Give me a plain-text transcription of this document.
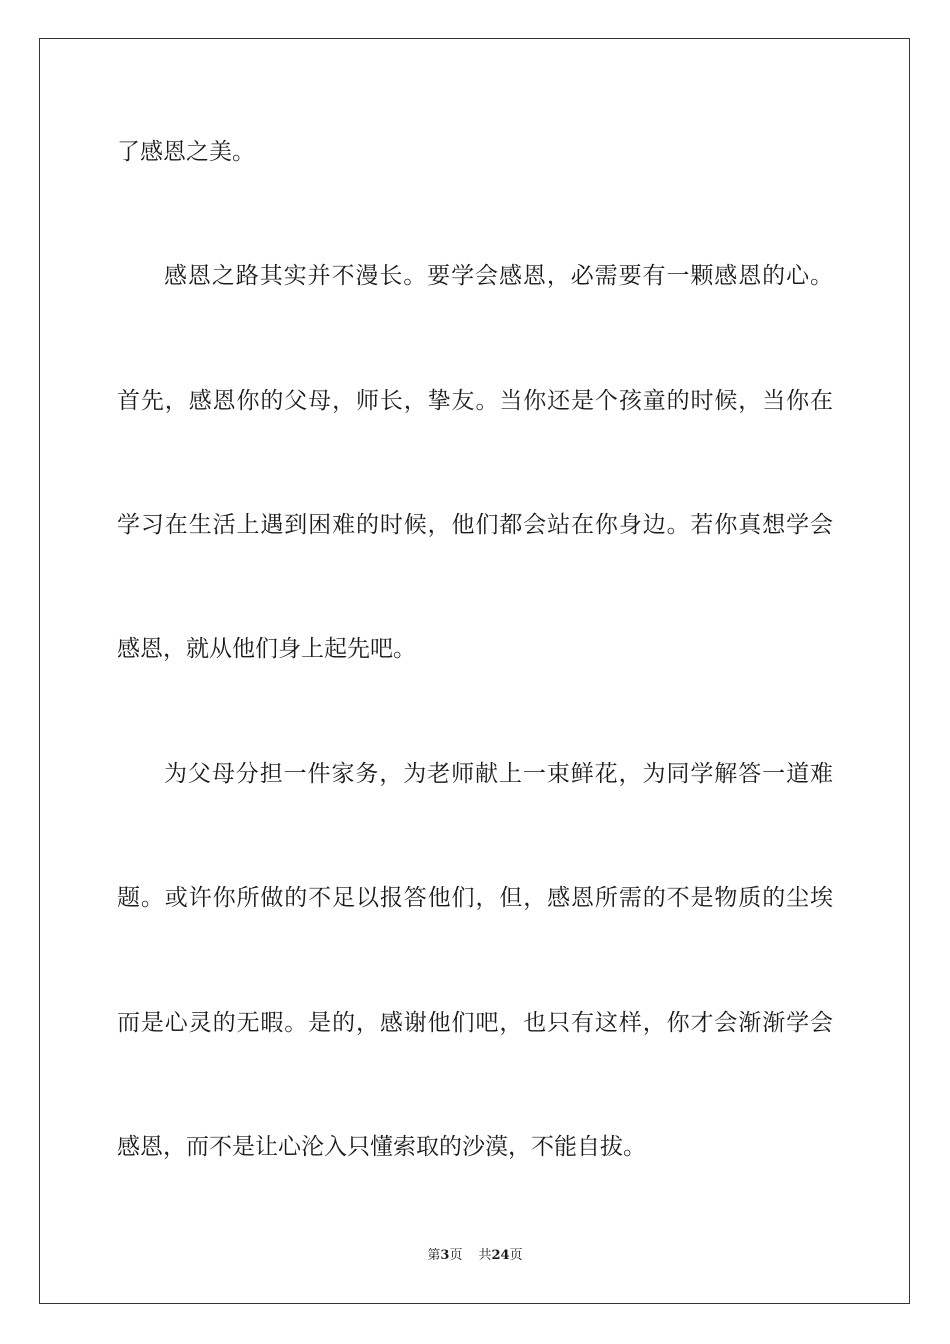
了感恩之美。
感恩之路其实并不漫长。要学会感恩，必需要有一颗感恩的心。
首先，感恩你的父母，师长，挚友。当你还是个孩童的时候，当你在
学习在生活上遇到困难的时候，他们都会站在你身边。若你真想学会
感恩，就从他们身上起先吧。
为父母分担一件家务，为老师献上一束鲜花，为同学解答一道难
题。或许你所做的不足以报答他们，但，感恩所需的不是物质的尘埃
而是心灵的无暇。是的，感谢他们吧，也只有这样，你才会渐渐学会
感恩，而不是让心沦入只懂索取的沙漠，不能自拔。
第3页 共24页
